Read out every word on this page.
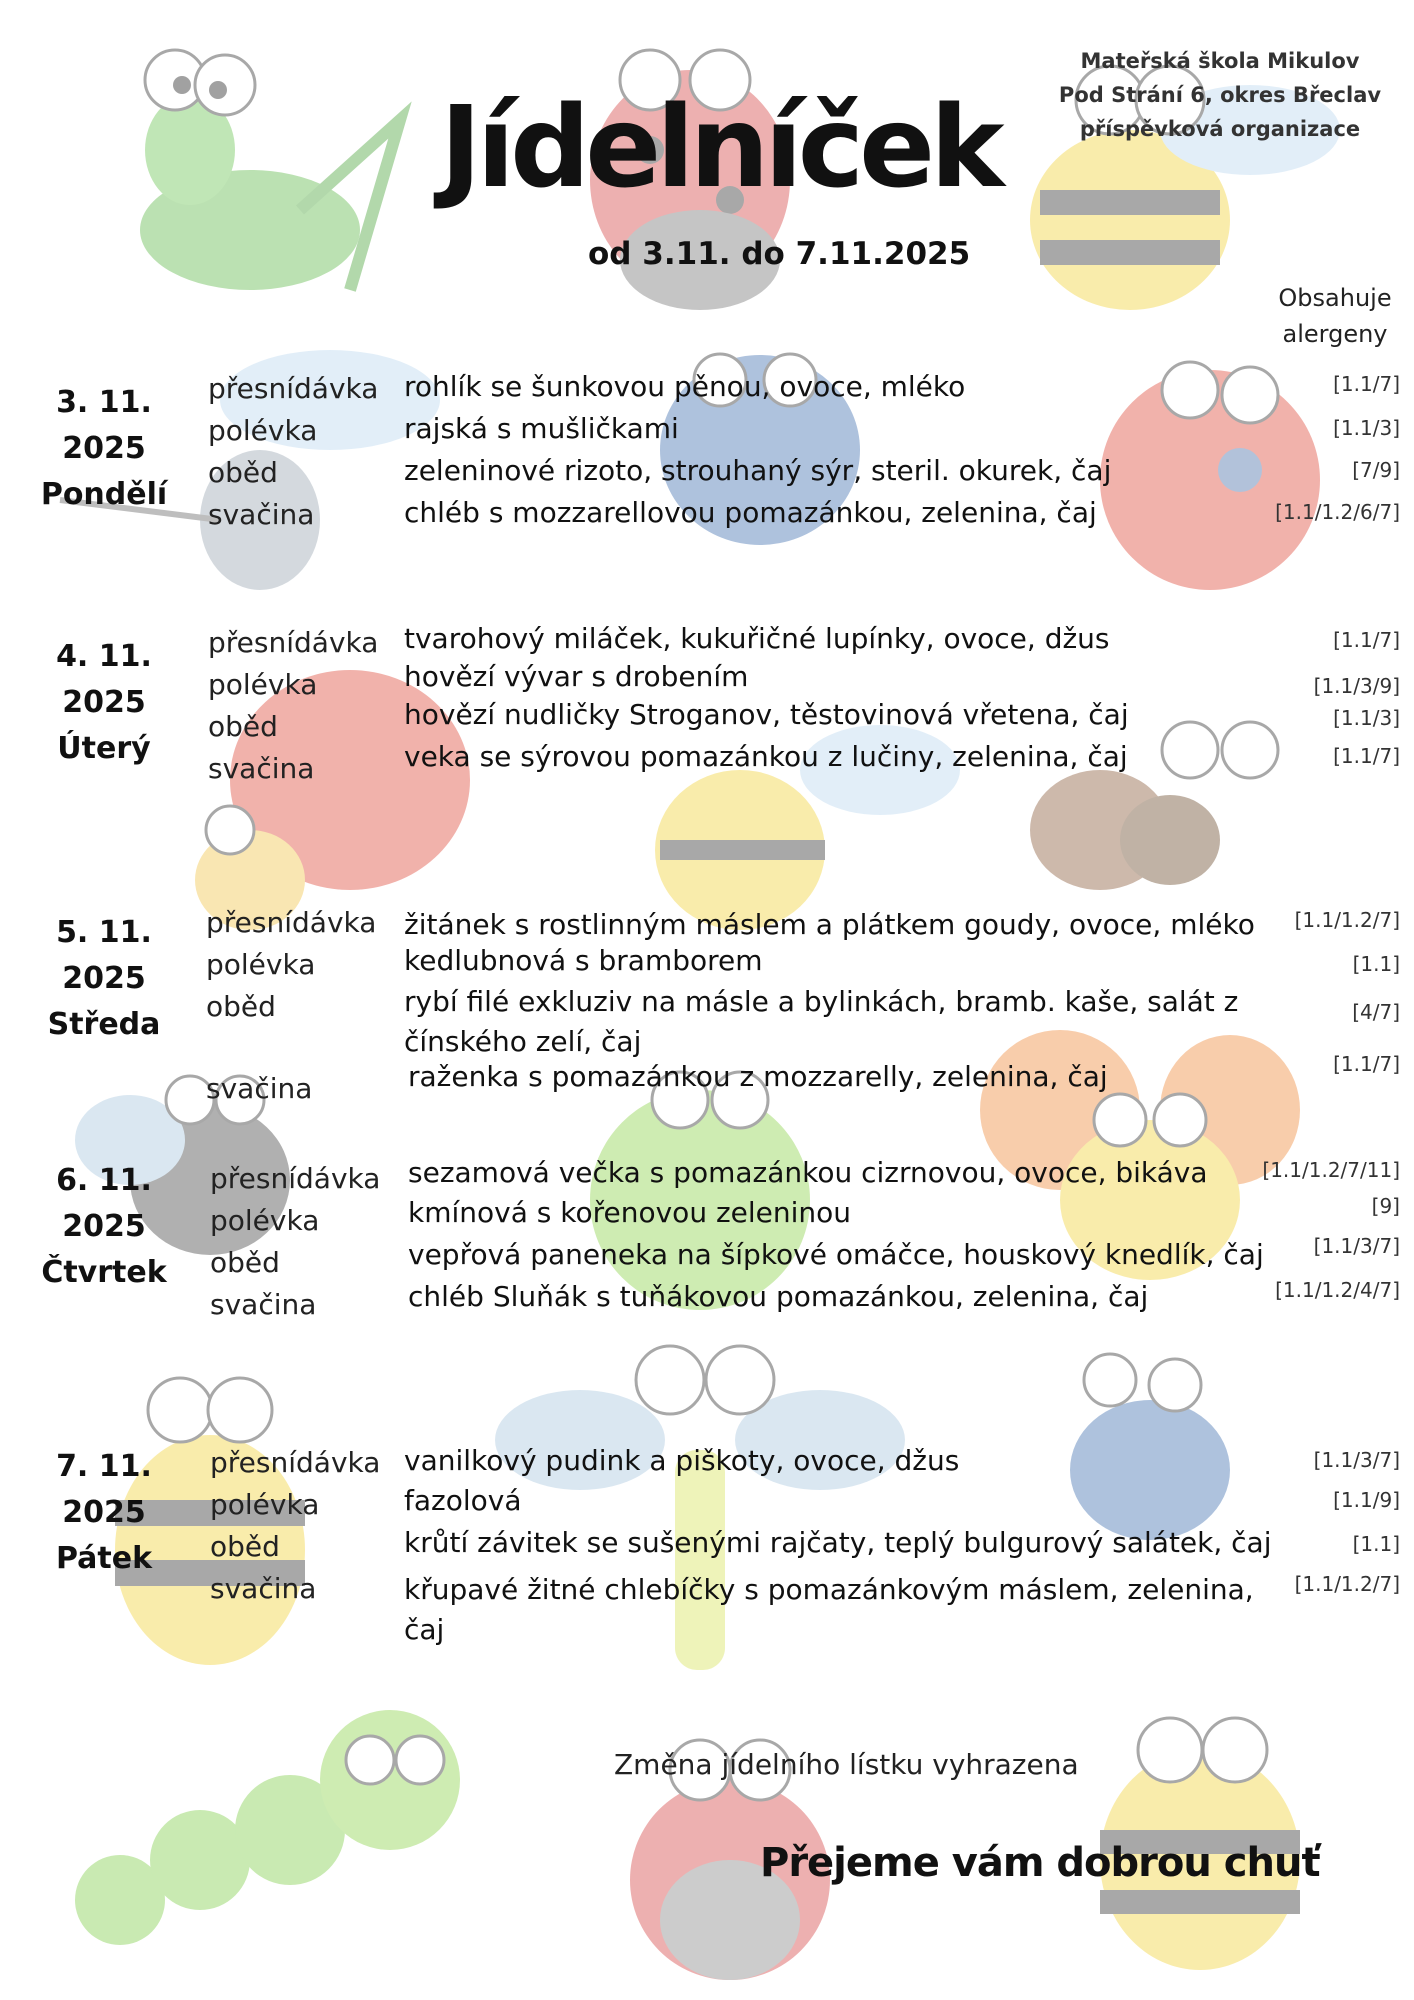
Mateřská škola Mikulov
Pod Strání 6, okres Břeclav
příspěvková organizace
Jídelníček
od 3.11. do 7.11.2025
Obsahuje
alergeny
3. 11. 2025
Pondělí
přesnídávka
polévka
oběd
svačina
rohlík se šunkovou pěnou, ovoce, mléko
rajská s mušličkami
zeleninové rizoto, strouhaný sýr, steril. okurek, čaj
chléb s mozzarellovou pomazánkou, zelenina, čaj
[1.1/7]
[1.1/3]
[7/9]
[1.1/1.2/6/7]
4. 11. 2025
Úterý
přesnídávka
polévka
oběd
svačina
tvarohový miláček, kukuřičné lupínky, ovoce, džus
hovězí vývar s drobením
hovězí nudličky Stroganov, těstovinová vřetena, čaj
veka se sýrovou pomazánkou z lučiny, zelenina, čaj
[1.1/7]
[1.1/3/9]
[1.1/3]
[1.1/7]
5. 11. 2025
Středa
přesnídávka
polévka
oběd
svačina
žitánek s rostlinným máslem a plátkem goudy, ovoce, mléko
kedlubnová s bramborem
rybí filé exkluziv na másle a bylinkách, bramb. kaše, salát z čínského zelí, čaj
raženka s pomazánkou z mozzarelly, zelenina, čaj
[1.1/1.2/7]
[1.1]
[4/7]
[1.1/7]
6. 11. 2025
Čtvrtek
přesnídávka
polévka
oběd
svačina
sezamová večka s pomazánkou cizrnovou, ovoce, bikáva
kmínová s kořenovou zeleninou
vepřová paneneka na šípkové omáčce, houskový knedlík, čaj
chléb Sluňák s tuňákovou pomazánkou, zelenina, čaj
[1.1/1.2/7/11]
[9]
[1.1/3/7]
[1.1/1.2/4/7]
7. 11. 2025
Pátek
přesnídávka
polévka
oběd
svačina
vanilkový pudink a piškoty, ovoce, džus
fazolová
krůtí závitek se sušenými rajčaty, teplý bulgurový salátek, čaj
křupavé žitné chlebíčky s pomazánkovým máslem, zelenina, čaj
[1.1/3/7]
[1.1/9]
[1.1]
[1.1/1.2/7]
Změna jídelního lístku vyhrazena
Přejeme vám dobrou chuť
